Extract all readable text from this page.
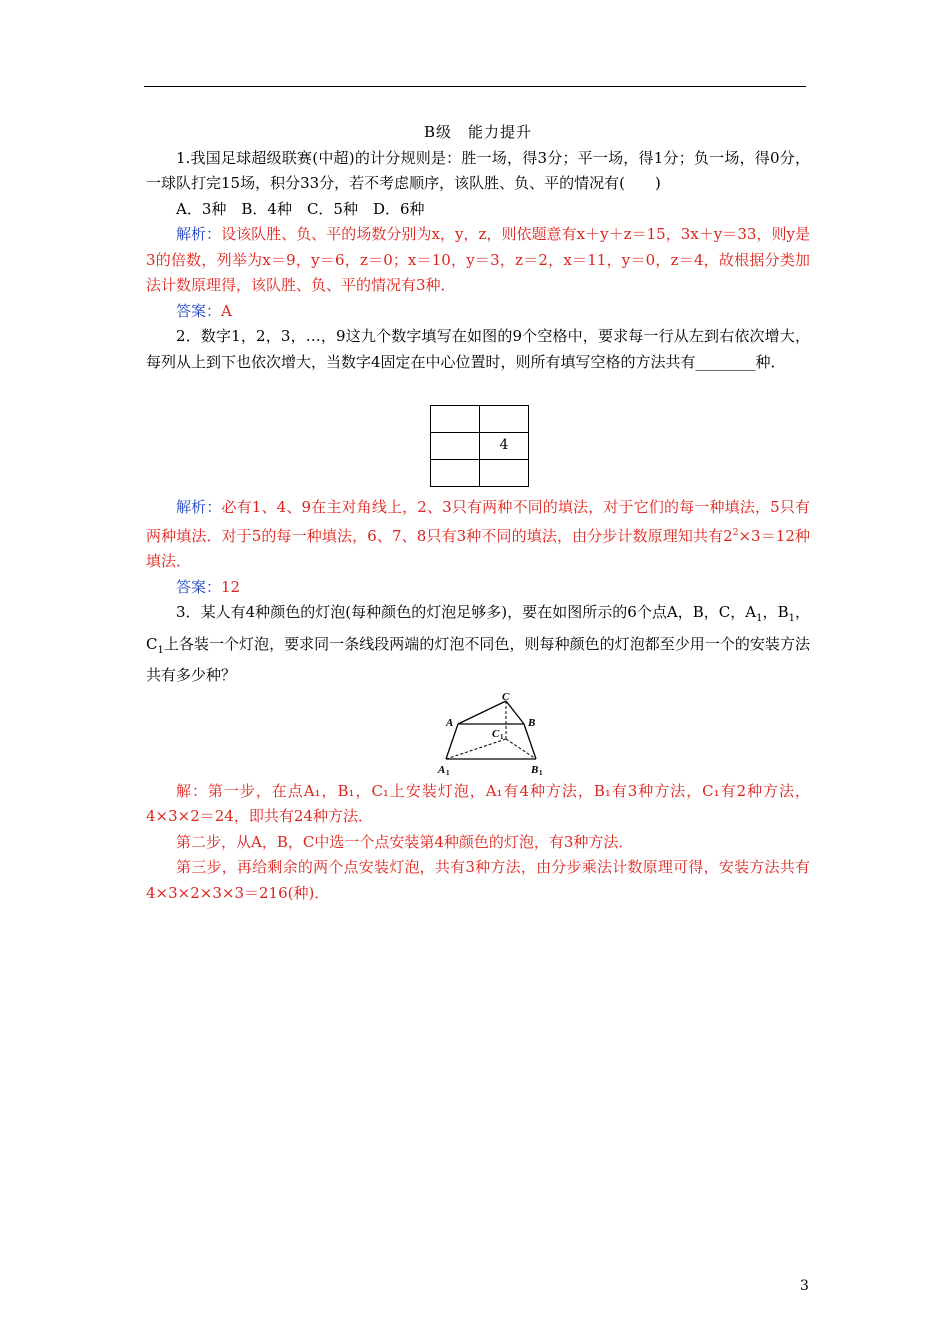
B级　能力提升

1.我国足球超级联赛(中超)的计分规则是：胜一场，得3分；平一场，得1分；负一场，得0分，一球队打完15场，积分33分，若不考虑顺序，该队胜、负、平的情况有(　　)

A．3种　B．4种　C．5种　D．6种

解析：设该队胜、负、平的场数分别为x，y，z，则依题意有x＋y＋z＝15，3x＋y＝33，则y是3的倍数，列举为x＝9，y＝6，z＝0；x＝10，y＝3，z＝2，x＝11，y＝0，z＝4，故根据分类加法计数原理得，该队胜、负、平的情况有3种．

答案：A

2．数字1，2，3，…，9这九个数字填写在如图的9个空格中，要求每一行从左到右依次增大，每列从上到下也依次增大，当数字4固定在中心位置时，则所有填写空格的方法共有________种．

	4

解析：必有1、4、9在主对角线上，2、3只有两种不同的填法，对于它们的每一种填法，5只有两种填法．对于5的每一种填法，6、7、8只有3种不同的填法，由分步计数原理知共有$2^2\times 3=12$种填法．

答案：12

3．某人有4种颜色的灯泡(每种颜色的灯泡足够多)，要在如图所示的6个点A，B，C，$A_1$，$B_1$，$C_1$上各装一个灯泡，要求同一条线段两端的灯泡不同色，则每种颜色的灯泡都至少用一个的安装方法共有多少种？

C
A	B
C 1
A 1	B 1

解：第一步，在点A₁，B₁，C₁上安装灯泡，A₁有4种方法，B₁有3种方法，C₁有2种方法，4×3×2＝24，即共有24种方法．

第二步，从A，B，C中选一个点安装第4种颜色的灯泡，有3种方法．

第三步，再给剩余的两个点安装灯泡，共有3种方法，由分步乘法计数原理可得，安装方法共有4×3×2×3×3＝216(种)．

3
